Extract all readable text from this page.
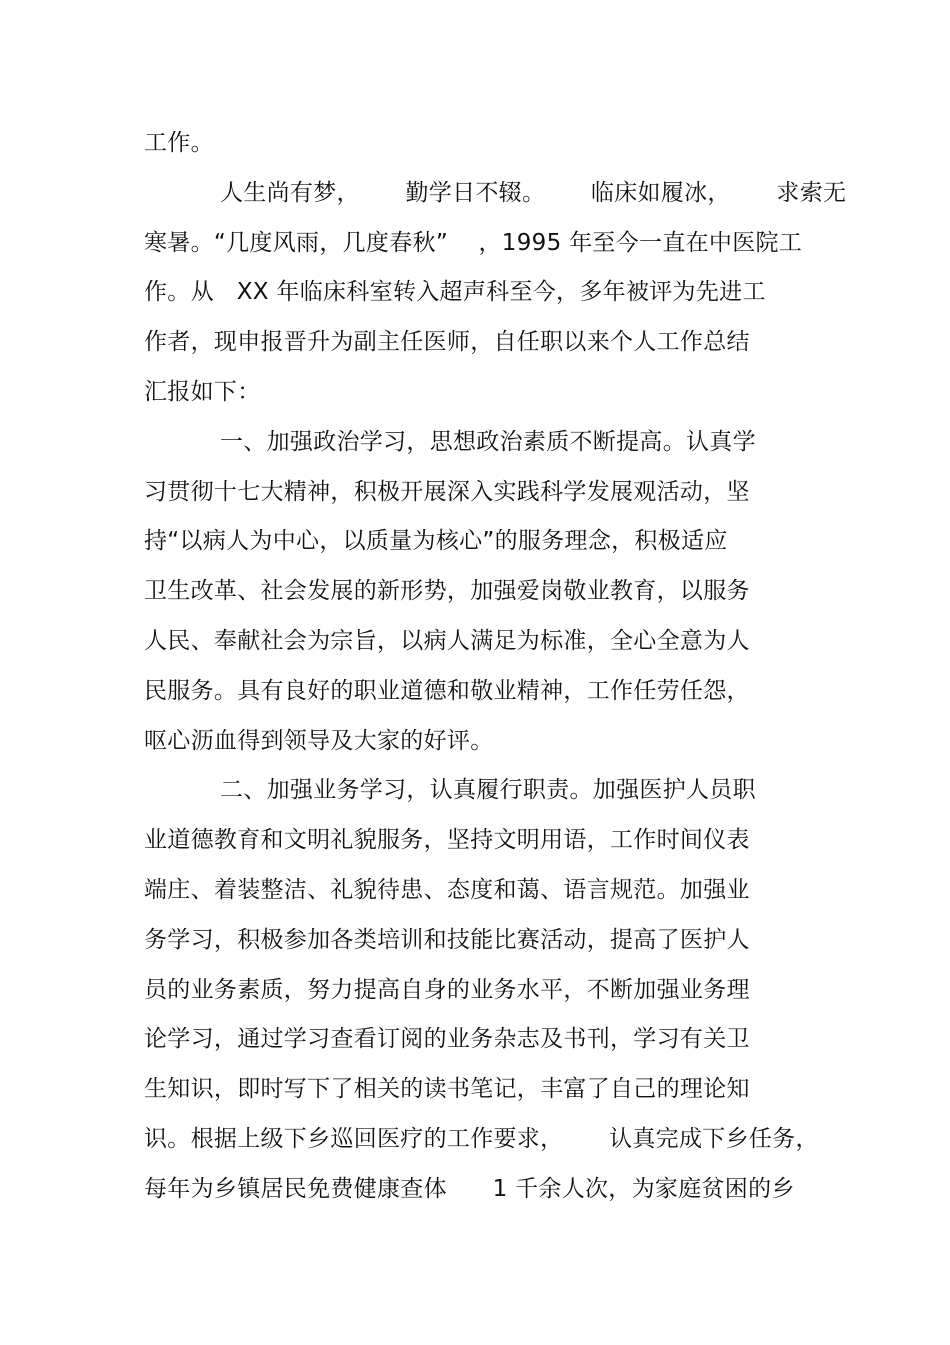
工作。
人生尚有梦，      勤学日不辍。      临床如履冰，      求索无
寒暑。“几度风雨，几度春秋”    ，1995 年至今一直在中医院工
作。从   XX 年临床科室转入超声科至今，多年被评为先进工
作者，现申报晋升为副主任医师，自任职以来个人工作总结
汇报如下：
一、加强政治学习，思想政治素质不断提高。认真学
习贯彻十七大精神，积极开展深入实践科学发展观活动，坚
持“以病人为中心，以质量为核心”的服务理念，积极适应
卫生改革、社会发展的新形势，加强爱岗敬业教育，以服务
人民、奉献社会为宗旨，以病人满足为标准，全心全意为人
民服务。具有良好的职业道德和敬业精神，工作任劳任怨，
呕心沥血得到领导及大家的好评。
二、加强业务学习，认真履行职责。加强医护人员职
业道德教育和文明礼貌服务，坚持文明用语，工作时间仪表
端庄、着装整洁、礼貌待患、态度和蔼、语言规范。加强业
务学习，积极参加各类培训和技能比赛活动，提高了医护人
员的业务素质，努力提高自身的业务水平，不断加强业务理
论学习，通过学习查看订阅的业务杂志及书刊，学习有关卫
生知识，即时写下了相关的读书笔记，丰富了自己的理论知
识。根据上级下乡巡回医疗的工作要求，      认真完成下乡任务，
每年为乡镇居民免费健康查体      1 千余人次，为家庭贫困的乡
